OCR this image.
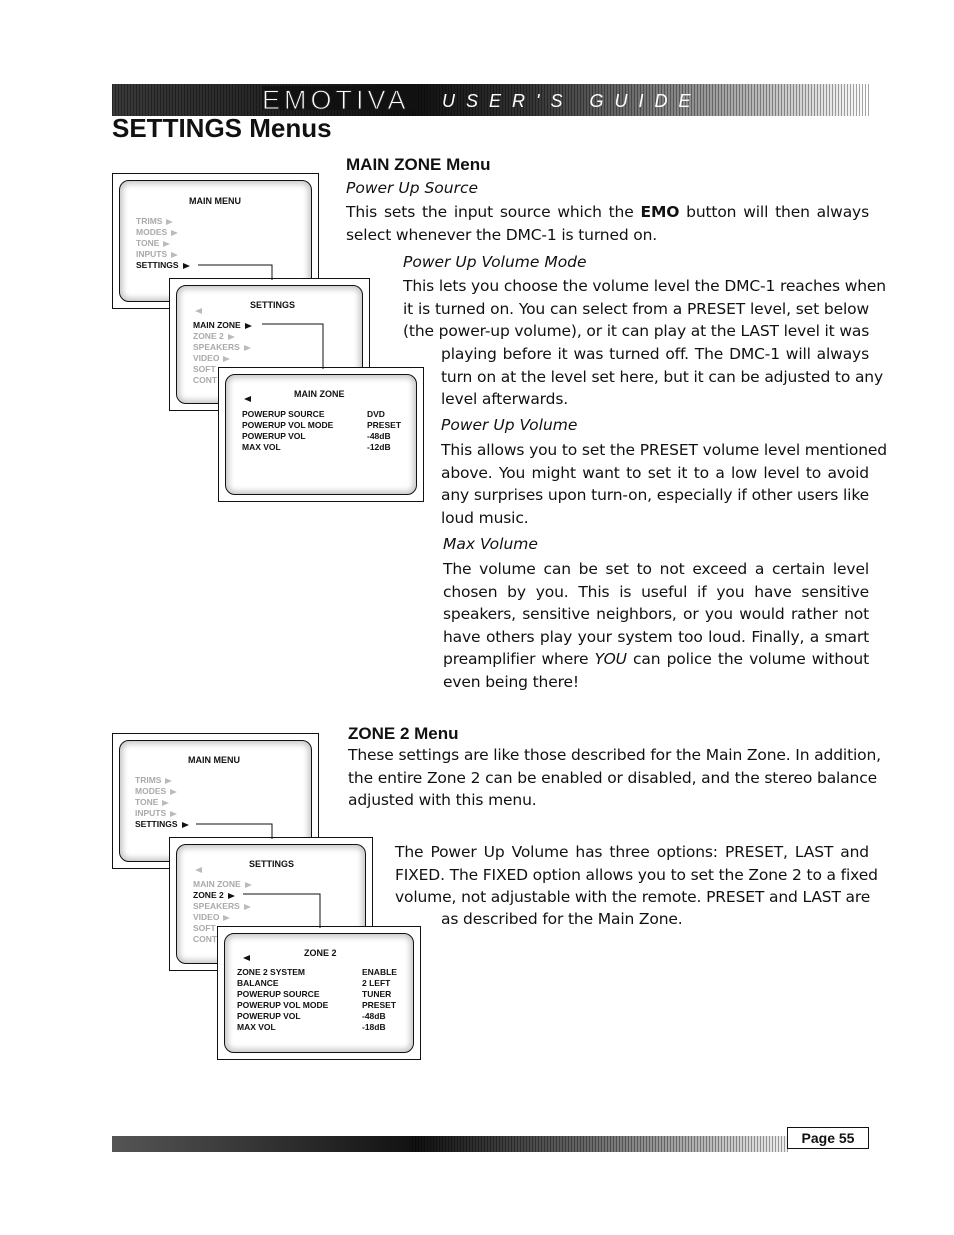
EMOTIVA USER'S GUIDE
SETTINGS Menus
MAIN ZONE Menu
Power Up Source
This sets the input source which the EMO button will then always
select whenever the DMC-1 is turned on.
Power Up Volume Mode
This lets you choose the volume level the DMC-1 reaches when
it is turned on. You can select from a PRESET level, set below
(the power-up volume), or it can play at the LAST level it was
playing before it was turned off. The DMC-1 will always
turn on at the level set here, but it can be adjusted to any
level afterwards.
Power Up Volume
This allows you to set the PRESET volume level mentioned
above. You might want to set it to a low level to avoid
any surprises upon turn-on, especially if other users like
loud music.
Max Volume
The volume can be set to not exceed a certain level
chosen by you. This is useful if you have sensitive
speakers, sensitive neighbors, or you would rather not
have others play your system too loud. Finally, a smart
preamplifier where YOU can police the volume without
even being there!
ZONE 2 Menu
These settings are like those described for the Main Zone. In addition,
the entire Zone 2 can be enabled or disabled, and the stereo balance
adjusted with this menu.
The Power Up Volume has three options: PRESET, LAST and
FIXED. The FIXED option allows you to set the Zone 2 to a fixed
volume, not adjustable with the remote. PRESET and LAST are
as described for the Main Zone.
MAIN MENU
TRIMS
MODES
TONE
INPUTS
SETTINGS
SETTINGS
MAIN ZONE
ZONE 2
SPEAKERS
VIDEO
SOFT
CONT
MAIN ZONE
POWERUP SOURCE	DVD
POWERUP VOL MODE	PRESET
POWERUP VOL	-48dB
MAX VOL	-12dB
MAIN MENU
TRIMS
MODES
TONE
INPUTS
SETTINGS
SETTINGS
MAIN ZONE
ZONE 2
SPEAKERS
VIDEO
SOFT
CONT
ZONE 2
ZONE 2 SYSTEM	ENABLE
BALANCE	2 LEFT
POWERUP SOURCE	TUNER
POWERUP VOL MODE	PRESET
POWERUP VOL	-48dB
MAX VOL	-18dB
Page 55
